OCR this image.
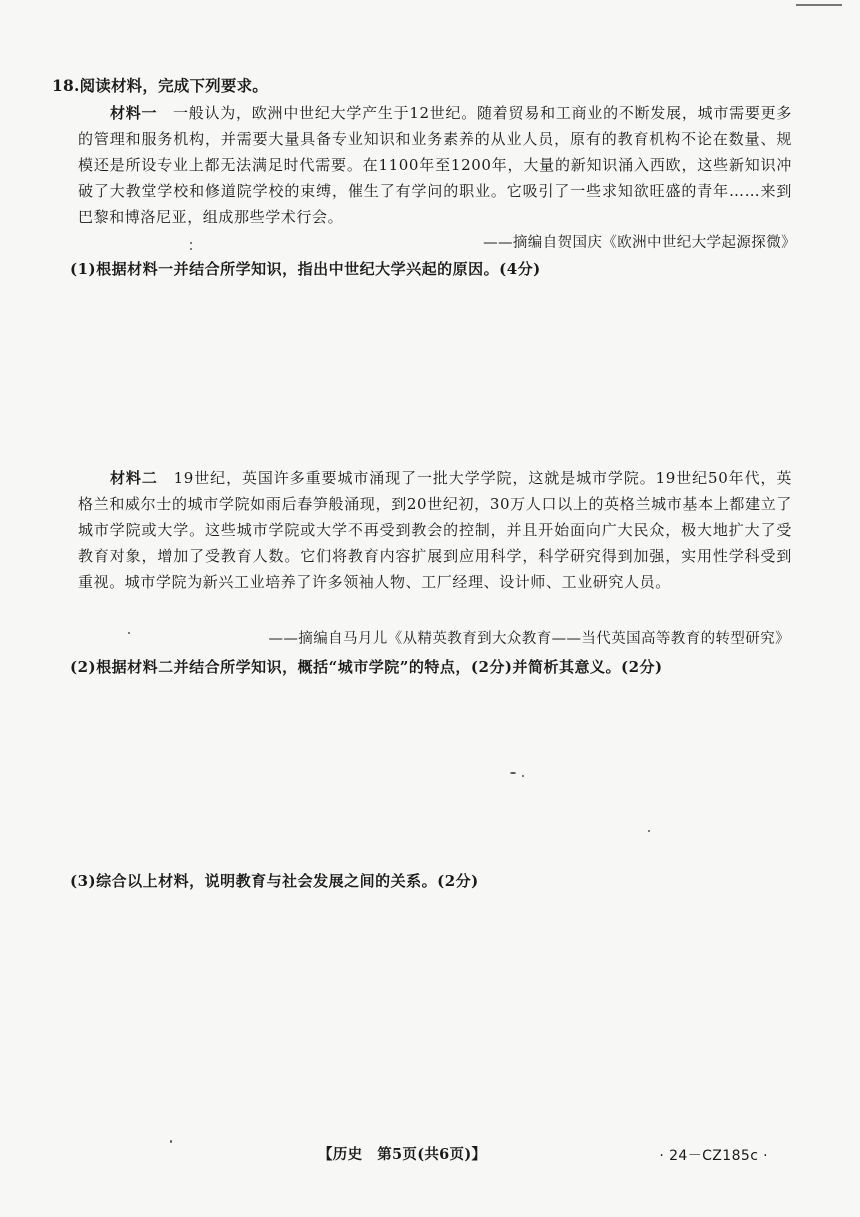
18.阅读材料，完成下列要求。
材料一　 一般认为，欧洲中世纪大学产生于12世纪。随着贸易和工商业的不断发展，城市需要更多的管理和服务机构，并需要大量具备专业知识和业务素养的从业人员，原有的教育机构不论在数量、规模还是所设专业上都无法满足时代需要。在1100年至1200年，大量的新知识涌入西欧，这些新知识冲破了大教堂学校和修道院学校的束缚，催生了有学问的职业。它吸引了一些求知欲旺盛的青年……来到巴黎和博洛尼亚，组成那些学术行会。
——摘编自贺国庆《欧洲中世纪大学起源探微》
(1)根据材料一并结合所学知识，指出中世纪大学兴起的原因。(4分)
材料二　 19世纪，英国许多重要城市涌现了一批大学学院，这就是城市学院。19世纪50年代，英格兰和威尔士的城市学院如雨后春笋般涌现，到20世纪初，30万人口以上的英格兰城市基本上都建立了城市学院或大学。这些城市学院或大学不再受到教会的控制，并且开始面向广大民众，极大地扩大了受教育对象，增加了受教育人数。它们将教育内容扩展到应用科学，科学研究得到加强，实用性学科受到重视。城市学院为新兴工业培养了许多领袖人物、工厂经理、设计师、工业研究人员。
——摘编自马月儿《从精英教育到大众教育——当代英国高等教育的转型研究》
(2)根据材料二并结合所学知识，概括“城市学院”的特点，(2分)并简析其意义。(2分)
(3)综合以上材料，说明教育与社会发展之间的关系。(2分)
【历史　第5页(共6页)】	· 24－CZ185c ·
